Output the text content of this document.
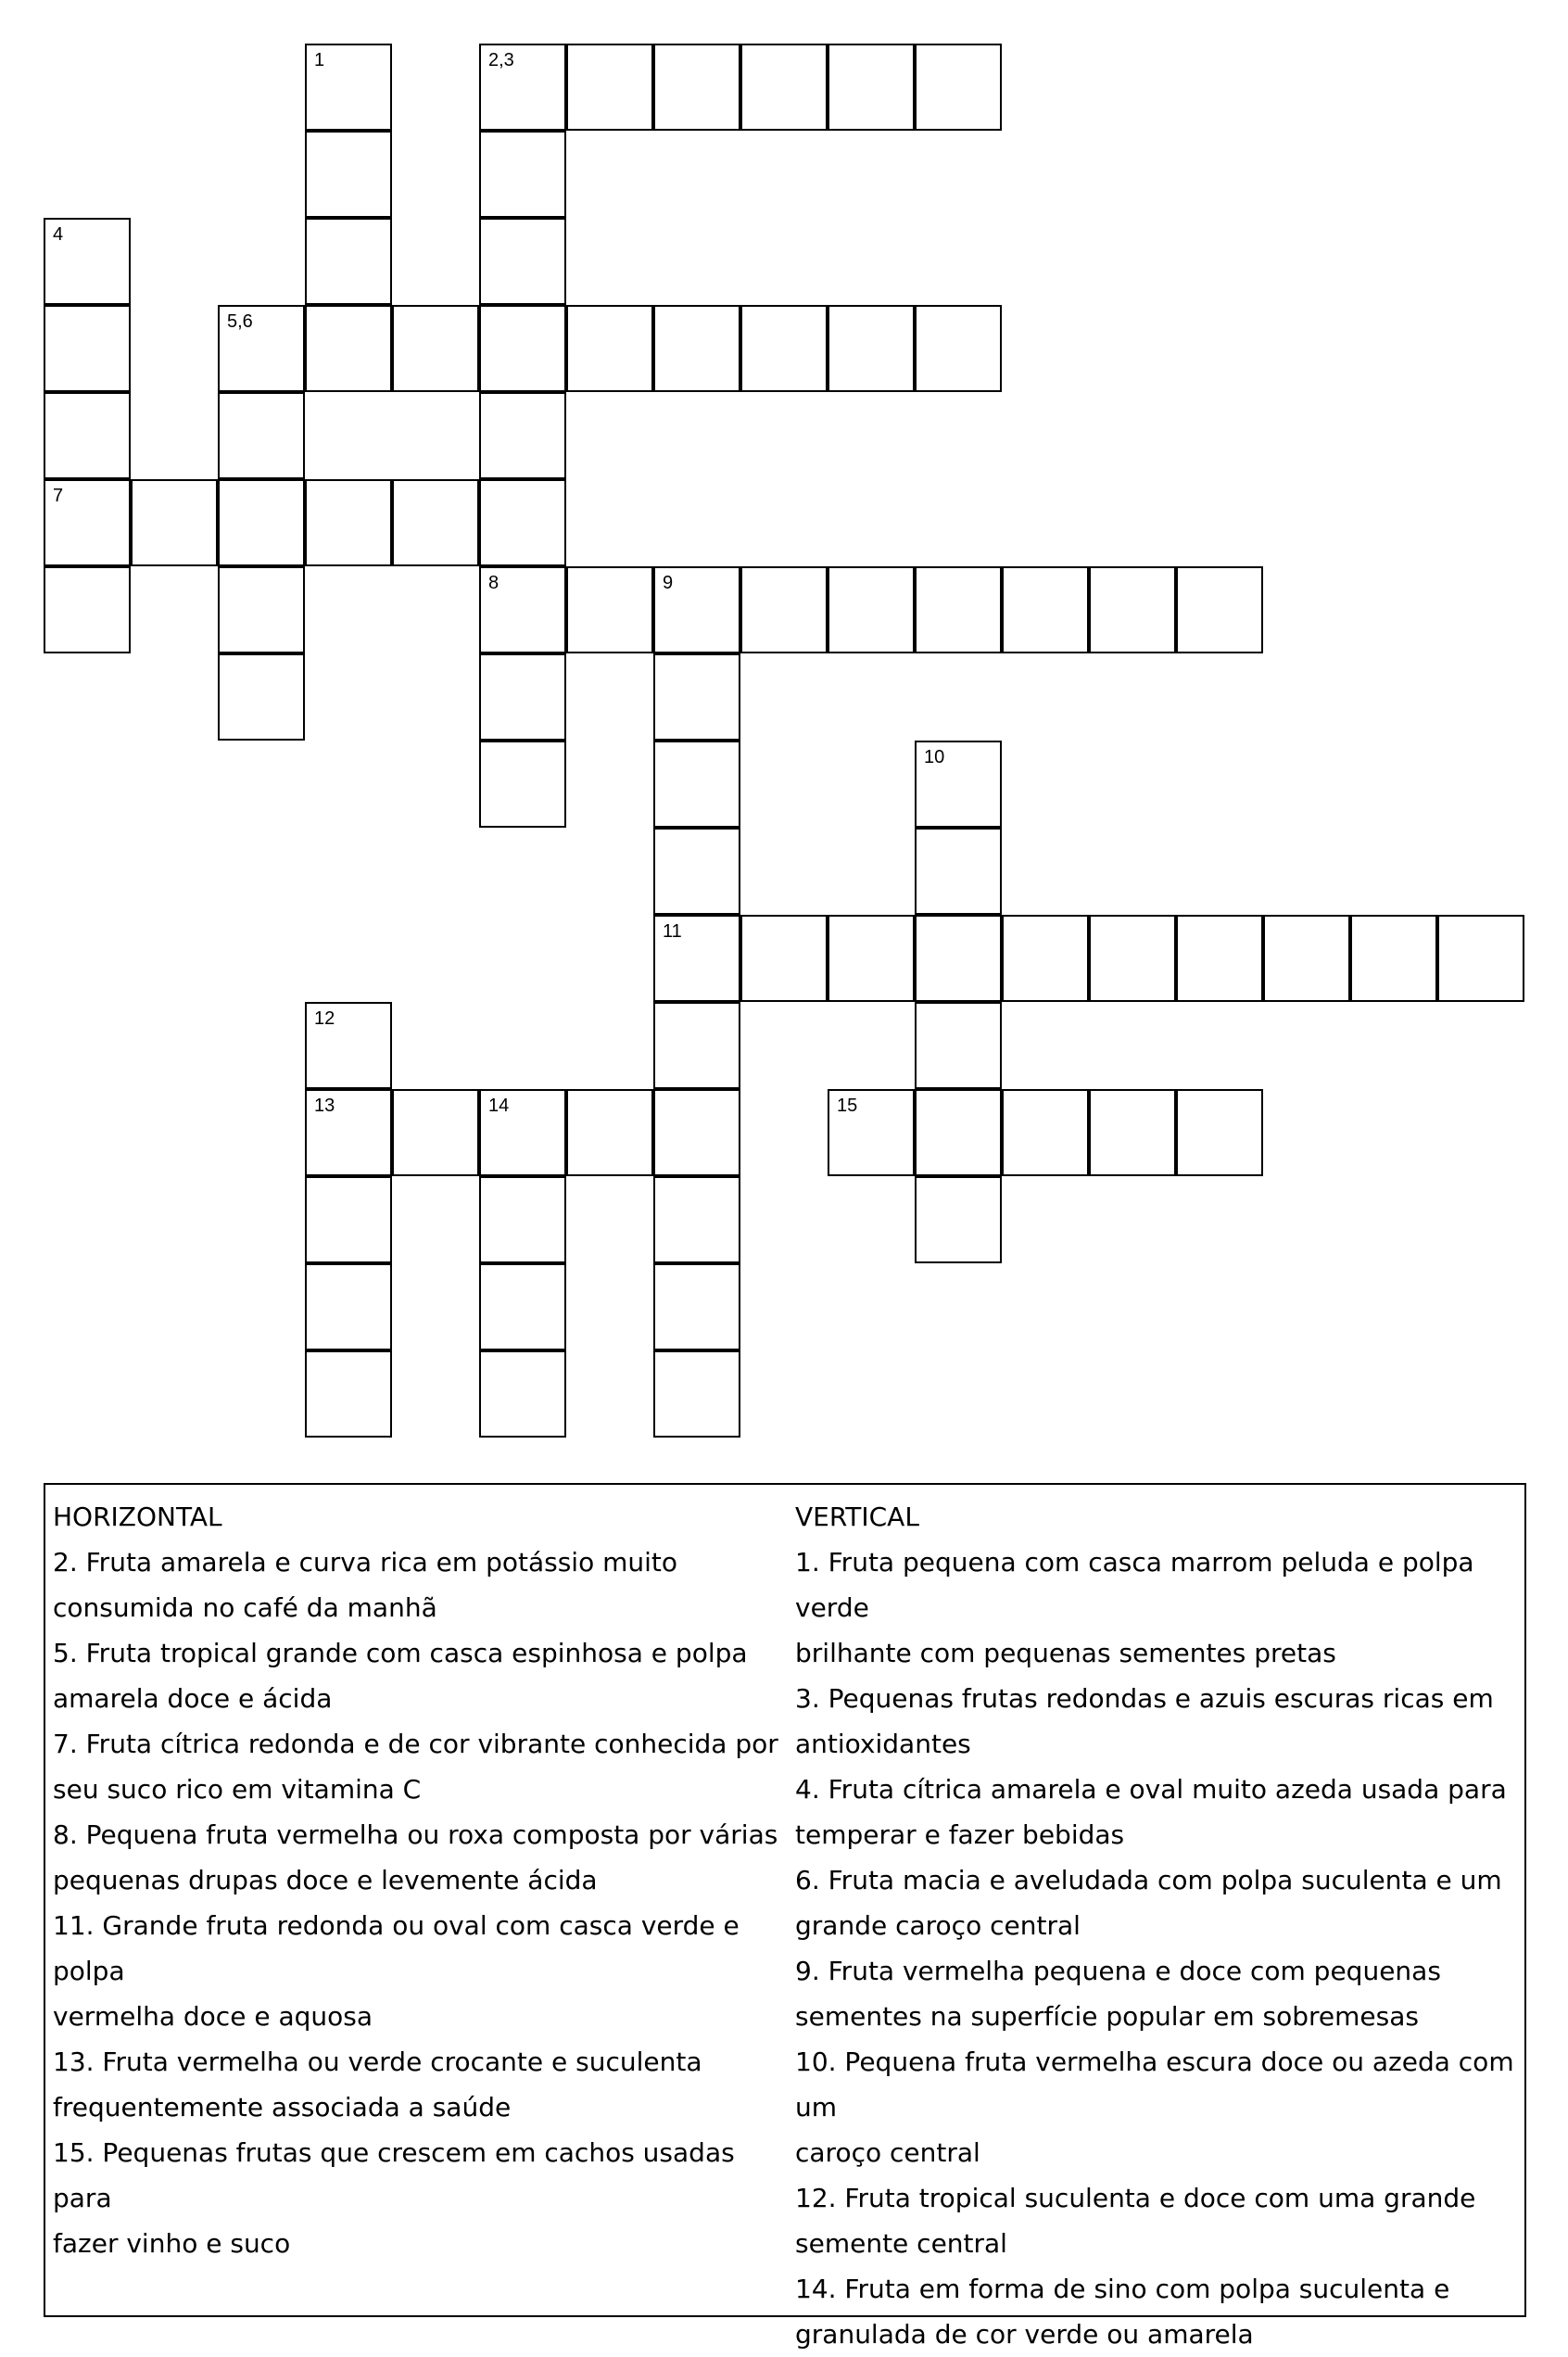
1	2,3
4
5,6
7
8	9
10
11
12
13	14	15
HORIZONTAL
2. Fruta amarela e curva rica em potássio muito
consumida no café da manhã
5. Fruta tropical grande com casca espinhosa e polpa
amarela doce e ácida
7. Fruta cítrica redonda e de cor vibrante conhecida por
seu suco rico em vitamina C
8. Pequena fruta vermelha ou roxa composta por várias
pequenas drupas doce e levemente ácida
11. Grande fruta redonda ou oval com casca verde e polpa
vermelha doce e aquosa
13. Fruta vermelha ou verde crocante e suculenta
frequentemente associada a saúde
15. Pequenas frutas que crescem em cachos usadas para
fazer vinho e suco
VERTICAL
1. Fruta pequena com casca marrom peluda e polpa verde
brilhante com pequenas sementes pretas
3. Pequenas frutas redondas e azuis escuras ricas em
antioxidantes
4. Fruta cítrica amarela e oval muito azeda usada para
temperar e fazer bebidas
6. Fruta macia e aveludada com polpa suculenta e um
grande caroço central
9. Fruta vermelha pequena e doce com pequenas
sementes na superfície popular em sobremesas
10. Pequena fruta vermelha escura doce ou azeda com um
caroço central
12. Fruta tropical suculenta e doce com uma grande
semente central
14. Fruta em forma de sino com polpa suculenta e
granulada de cor verde ou amarela
